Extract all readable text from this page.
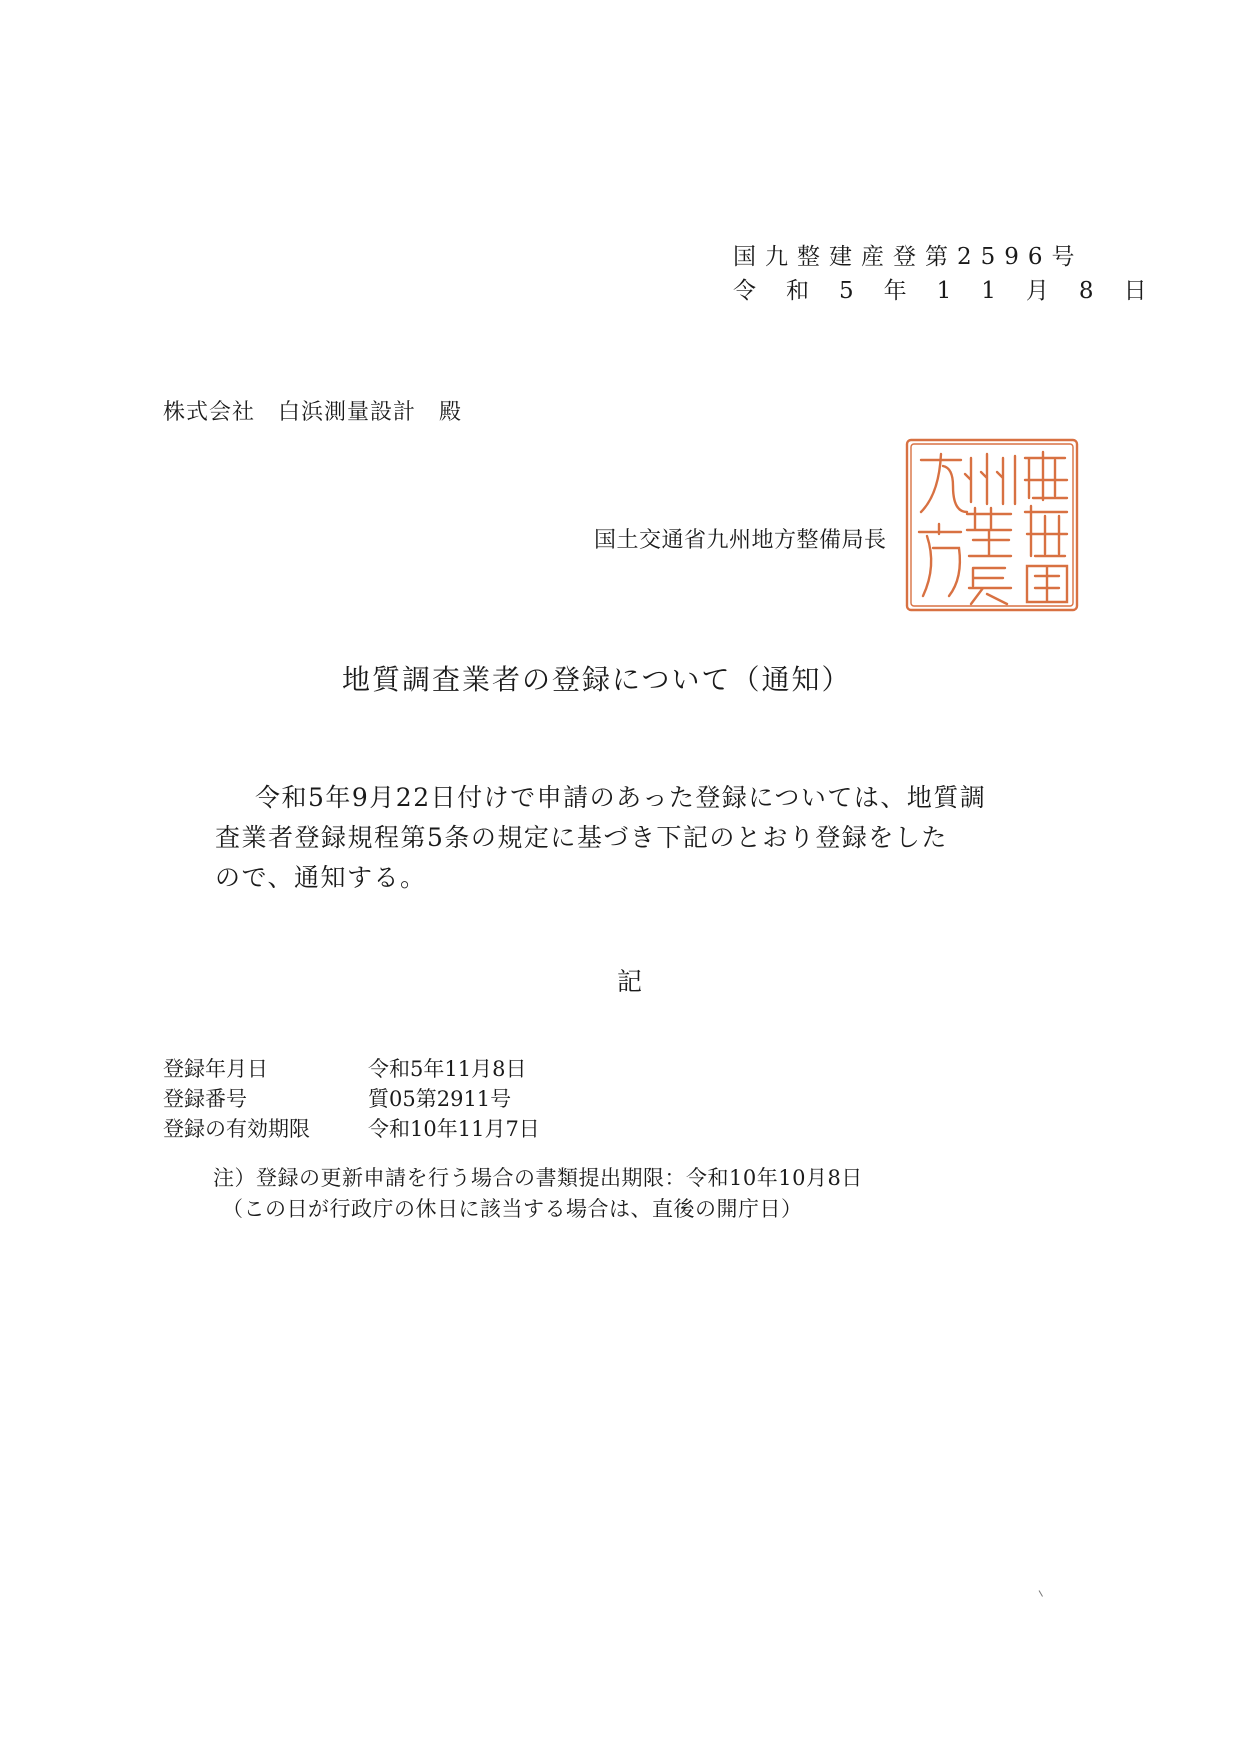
国九整建産登第2596号
令 和 5 年 1 1 月 8 日
株式会社　白浜測量設計　殿
国土交通省九州地方整備局長
地質調査業者の登録について（通知）
令和5年9月22日付けで申請のあった登録については、地質調
査業者登録規程第5条の規定に基づき下記のとおり登録をした
ので、通知する。
記
登録年月日	令和5年11月8日
登録番号	質05第2911号
登録の有効期限	令和10年11月7日
注）登録の更新申請を行う場合の書類提出期限：令和10年10月8日
（この日が行政庁の休日に該当する場合は、直後の開庁日）
